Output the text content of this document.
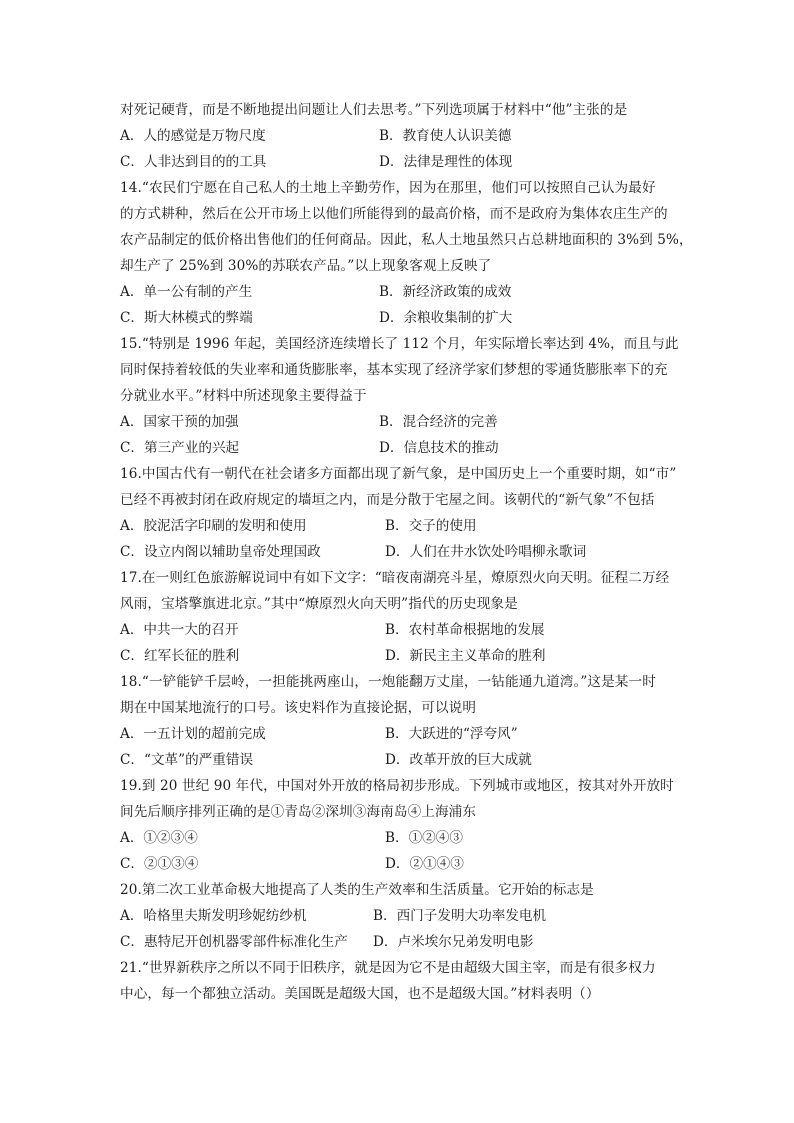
对死记硬背，而是不断地提出问题让人们去思考。”下列选项属于材料中“他”主张的是
A．人的感觉是万物尺度	B．教育使人认识美德
C．人非达到目的的工具	D．法律是理性的体现
14.“农民们宁愿在自己私人的土地上辛勤劳作，因为在那里，他们可以按照自己认为最好
的方式耕种，然后在公开市场上以他们所能得到的最高价格，而不是政府为集体农庄生产的
农产品制定的低价格出售他们的任何商品。因此，私人土地虽然只占总耕地面积的 3%到 5%，
却生产了 25%到 30%的苏联农产品。”以上现象客观上反映了
A．单一公有制的产生	B．新经济政策的成效
C．斯大林模式的弊端	D．余粮收集制的扩大
15.“特别是 1996 年起，美国经济连续增长了 112 个月，年实际增长率达到 4%，而且与此
同时保持着较低的失业率和通货膨胀率，基本实现了经济学家们梦想的零通货膨胀率下的充
分就业水平。”材料中所述现象主要得益于
A．国家干预的加强	B．混合经济的完善
C．第三产业的兴起	D．信息技术的推动
16.中国古代有一朝代在社会诸多方面都出现了新气象，是中国历史上一个重要时期，如“市”
已经不再被封闭在政府规定的墙垣之内，而是分散于宅屋之间。该朝代的“新气象”不包括
A．胶泥活字印刷的发明和使用	B．交子的使用
C．设立内阁以辅助皇帝处理国政	D．人们在井水饮处吟唱柳永歌词
17.在一则红色旅游解说词中有如下文字：“暗夜南湖亮斗星，燎原烈火向天明。征程二万经
风雨，宝塔擎旗进北京。”其中“燎原烈火向天明”指代的历史现象是
A．中共一大的召开	B．农村革命根据地的发展
C．红军长征的胜利	D．新民主主义革命的胜利
18.“一铲能铲千层岭，一担能挑两座山，一炮能翻万丈崖，一钻能通九道湾。”这是某一时
期在中国某地流行的口号。该史料作为直接论据，可以说明
A．一五计划的超前完成	B．大跃进的“浮夸风”
C．“文革”的严重错误	D．改革开放的巨大成就
19.到 20 世纪 90 年代，中国对外开放的格局初步形成。下列城市或地区，按其对外开放时
间先后顺序排列正确的是①青岛②深圳③海南岛④上海浦东
A．①②③④	B．①②④③
C．②①③④	D．②①④③
20.第二次工业革命极大地提高了人类的生产效率和生活质量。它开始的标志是
A．哈格里夫斯发明珍妮纺纱机	B．西门子发明大功率发电机
C．惠特尼开创机器零部件标准化生产 D．卢米埃尔兄弟发明电影
21.“世界新秩序之所以不同于旧秩序，就是因为它不是由超级大国主宰，而是有很多权力
中心，每一个都独立活动。美国既是超级大国，也不是超级大国。”材料表明（）
